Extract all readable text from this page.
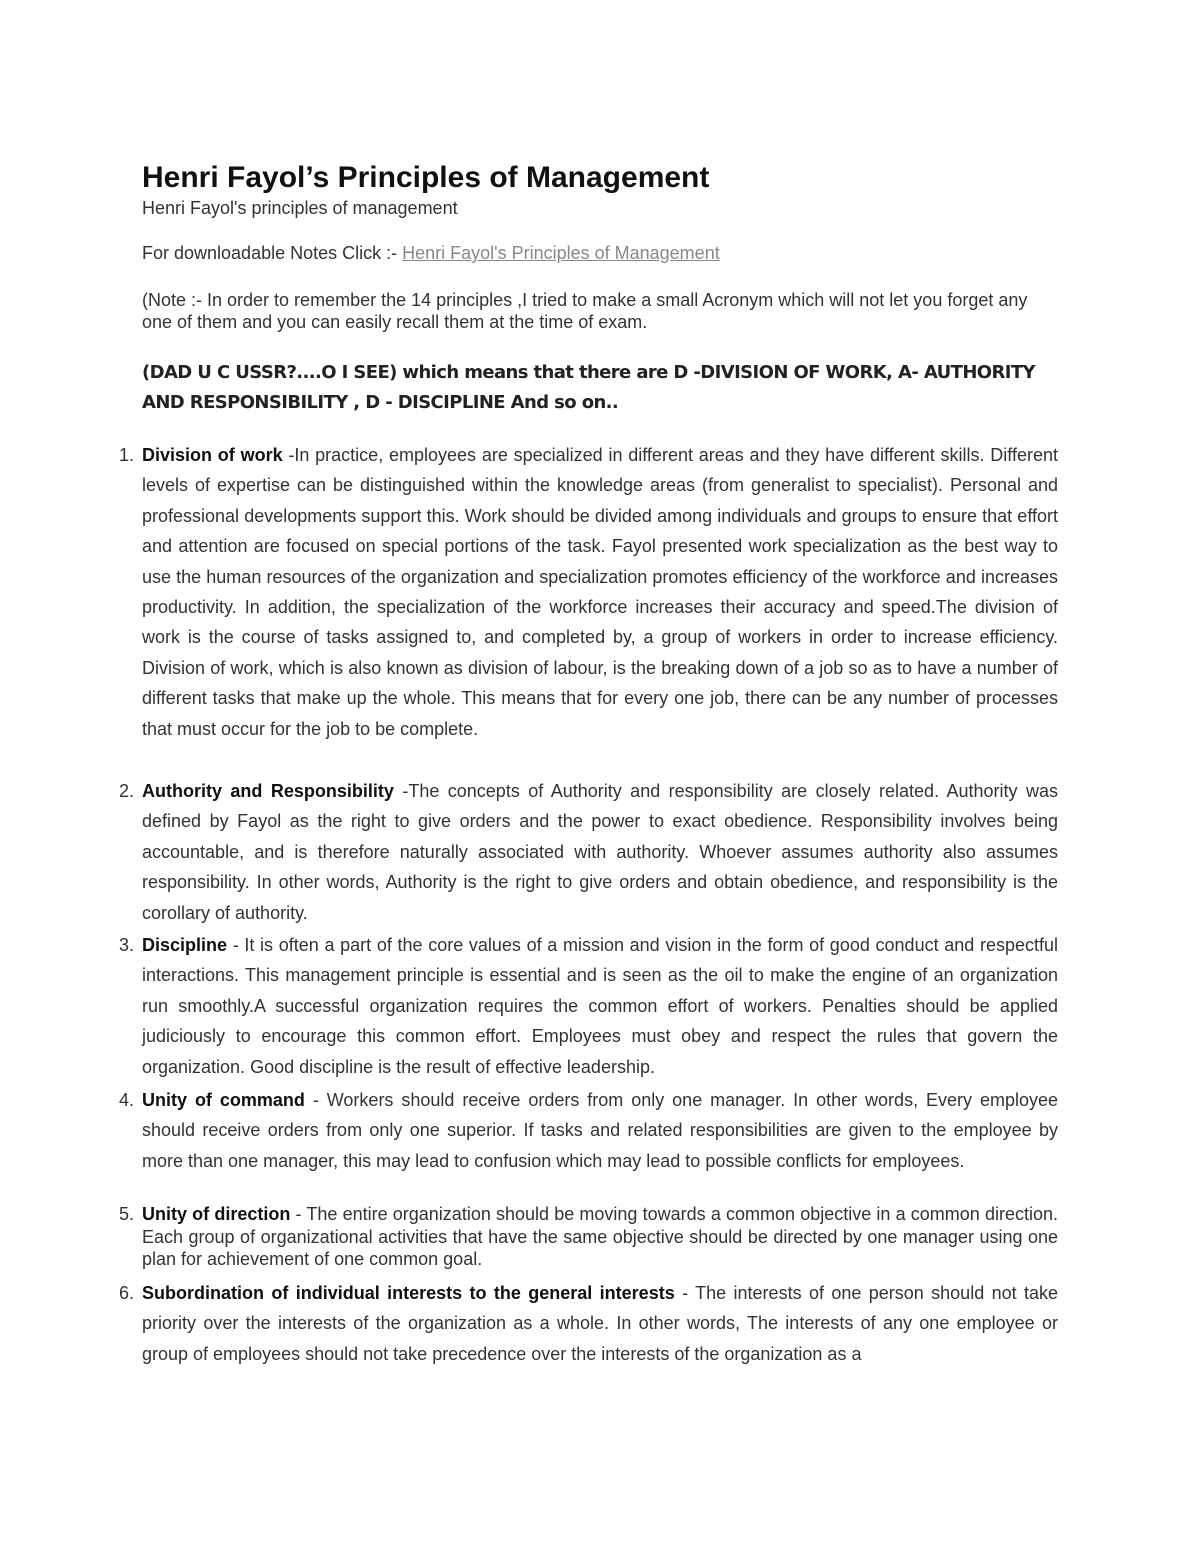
Henri Fayol’s Principles of Management

Henri Fayol's principles of management

For downloadable Notes Click :- Henri Fayol's Principles of Management

(Note :- In order to remember the 14 principles ,I tried to make a small Acronym which will not let you forget any one of them and you can easily recall them at the time of exam.

(DAD U C USSR?....O I SEE) which means that there are D -DIVISION OF WORK, A- AUTHORITY AND RESPONSIBILITY , D - DISCIPLINE And so on..

1. Division of work -In practice, employees are specialized in different areas and they have different skills. Different levels of expertise can be distinguished within the knowledge areas (from generalist to specialist). Personal and professional developments support this. Work should be divided among individuals and groups to ensure that effort and attention are focused on special portions of the task. Fayol presented work specialization as the best way to use the human resources of the organization and specialization promotes efficiency of the workforce and increases productivity. In addition, the specialization of the workforce increases their accuracy and speed.The division of work is the course of tasks assigned to, and completed by, a group of workers in order to increase efficiency. Division of work, which is also known as division of labour, is the breaking down of a job so as to have a number of different tasks that make up the whole. This means that for every one job, there can be any number of processes that must occur for the job to be complete.
2. Authority and Responsibility -The concepts of Authority and responsibility are closely related. Authority was defined by Fayol as the right to give orders and the power to exact obedience. Responsibility involves being accountable, and is therefore naturally associated with authority. Whoever assumes authority also assumes responsibility. In other words, Authority is the right to give orders and obtain obedience, and responsibility is the corollary of authority.
3. Discipline - It is often a part of the core values of a mission and vision in the form of good conduct and respectful interactions. This management principle is essential and is seen as the oil to make the engine of an organization run smoothly.A successful organization requires the common effort of workers. Penalties should be applied judiciously to encourage this common effort. Employees must obey and respect the rules that govern the organization. Good discipline is the result of effective leadership.
4. Unity of command - Workers should receive orders from only one manager. In other words, Every employee should receive orders from only one superior. If tasks and related responsibilities are given to the employee by more than one manager, this may lead to confusion which may lead to possible conflicts for employees.
5. Unity of direction - The entire organization should be moving towards a common objective in a common direction. Each group of organizational activities that have the same objective should be directed by one manager using one plan for achievement of one common goal.
6. Subordination of individual interests to the general interests - The interests of one person should not take priority over the interests of the organization as a whole. In other words, The interests of any one employee or group of employees should not take precedence over the interests of the organization as a
